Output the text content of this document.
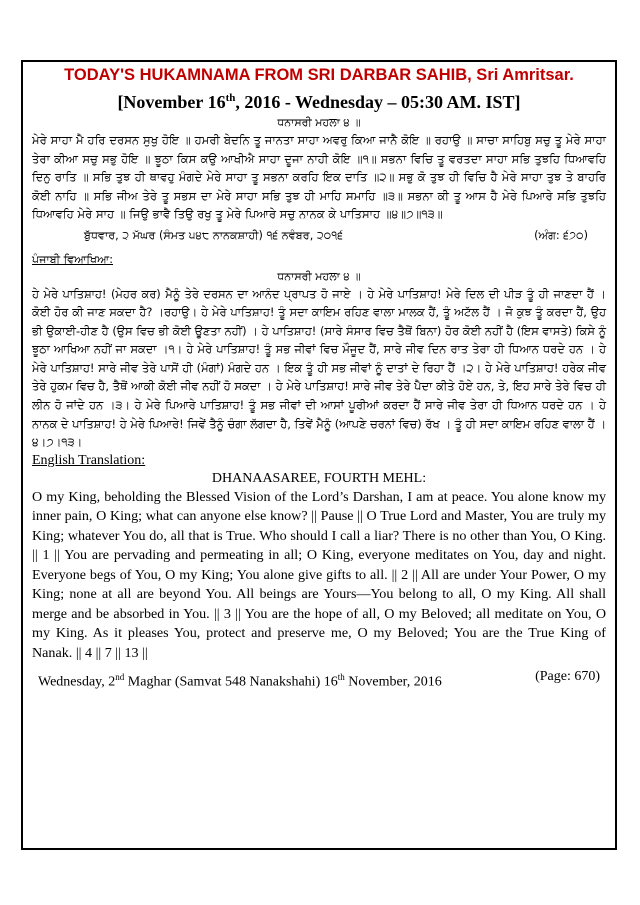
TODAY'S HUKAMNAMA FROM SRI DARBAR SAHIB, Sri Amritsar.

[November 16th, 2016 - Wednesday – 05:30 AM. IST]

ਧਨਾਸਰੀ ਮਹਲਾ ੪ ॥

ਮੇਰੇ ਸਾਹਾ ਮੈ ਹਰਿ ਦਰਸਨ ਸੁਖੁ ਹੋਇ ॥ ਹਮਰੀ ਬੇਦਨਿ ਤੂ ਜਾਨਤਾ ਸਾਹਾ ਅਵਰੁ ਕਿਆ ਜਾਨੈ ਕੋਇ ॥ ਰਹਾਉ ॥ ਸਾਚਾ ਸਾਹਿਬੁ ਸਚੁ ਤੂ ਮੇਰੇ ਸਾਹਾ ਤੇਰਾ ਕੀਆ ਸਚੁ ਸਭੁ ਹੋਇ ॥ ਝੂਠਾ ਕਿਸ ਕਉ ਆਖੀਐ ਸਾਹਾ ਦੂਜਾ ਨਾਹੀ ਕੋਇ ॥੧॥ ਸਭਨਾ ਵਿਚਿ ਤੂ ਵਰਤਦਾ ਸਾਹਾ ਸਭਿ ਤੁਝਹਿ ਧਿਆਵਹਿ ਦਿਨੁ ਰਾਤਿ ॥ ਸਭਿ ਤੁਝ ਹੀ ਥਾਵਹੁ ਮੰਗਦੇ ਮੇਰੇ ਸਾਹਾ ਤੂ ਸਭਨਾ ਕਰਹਿ ਇਕ ਦਾਤਿ ॥੨॥ ਸਭੁ ਕੋ ਤੁਝ ਹੀ ਵਿਚਿ ਹੈ ਮੇਰੇ ਸਾਹਾ ਤੁਝ ਤੇ ਬਾਹਰਿ ਕੋਈ ਨਾਹਿ ॥ ਸਭਿ ਜੀਅ ਤੇਰੇ ਤੂ ਸਭਸ ਦਾ ਮੇਰੇ ਸਾਹਾ ਸਭਿ ਤੁਝ ਹੀ ਮਾਹਿ ਸਮਾਹਿ ॥੩॥ ਸਭਨਾ ਕੀ ਤੂ ਆਸ ਹੈ ਮੇਰੇ ਪਿਆਰੇ ਸਭਿ ਤੁਝਹਿ ਧਿਆਵਹਿ ਮੇਰੇ ਸਾਹ ॥ ਜਿਉ ਭਾਵੈ ਤਿਉ ਰਖੁ ਤੂ ਮੇਰੇ ਪਿਆਰੇ ਸਚੁ ਨਾਨਕ ਕੇ ਪਾਤਿਸਾਹ ॥੪॥੭॥੧੩॥

ਬੁੱਧਵਾਰ, ੨ ਮੱਘਰ (ਸੰਮਤ ੫੪੮ ਨਾਨਕਸ਼ਾਹੀ) ੧੬ ਨਵੰਬਰ, ੨੦੧੬	(ਅੰਗ: ੬੭੦)

ਪੰਜਾਬੀ ਵਿਆਖਿਆ:

ਧਨਾਸਰੀ ਮਹਲਾ ੪ ॥

ਹੇ ਮੇਰੇ ਪਾਤਿਸ਼ਾਹ! (ਮੇਹਰ ਕਰ) ਮੈਨੂੰ ਤੇਰੇ ਦਰਸਨ ਦਾ ਆਨੰਦ ਪ੍ਰਾਪਤ ਹੋ ਜਾਏ । ਹੇ ਮੇਰੇ ਪਾਤਿਸ਼ਾਹ! ਮੇਰੇ ਦਿਲ ਦੀ ਪੀੜ ਤੂੰ ਹੀ ਜਾਣਦਾ ਹੈਂ । ਕੋਈ ਹੋਰ ਕੀ ਜਾਣ ਸਕਦਾ ਹੈ? ।ਰਹਾਉ। ਹੇ ਮੇਰੇ ਪਾਤਿਸ਼ਾਹ! ਤੂੰ ਸਦਾ ਕਾਇਮ ਰਹਿਣ ਵਾਲਾ ਮਾਲਕ ਹੈਂ, ਤੂੰ ਅਟੱਲ ਹੈਂ । ਜੋ ਕੁਝ ਤੂੰ ਕਰਦਾ ਹੈਂ, ਉਹ ਭੀ ਉਕਾਈ-ਹੀਣ ਹੈ (ਉਸ ਵਿਚ ਭੀ ਕੋਈ ਊਣਤਾ ਨਹੀਂ) । ਹੇ ਪਾਤਿਸ਼ਾਹ! (ਸਾਰੇ ਸੰਸਾਰ ਵਿਚ ਤੈਥੋਂ ਬਿਨਾ) ਹੋਰ ਕੋਈ ਨਹੀਂ ਹੈ (ਇਸ ਵਾਸਤੇ) ਕਿਸੇ ਨੂੰ ਝੂਠਾ ਆਖਿਆ ਨਹੀਂ ਜਾ ਸਕਦਾ ।੧। ਹੇ ਮੇਰੇ ਪਾਤਿਸ਼ਾਹ! ਤੂੰ ਸਭ ਜੀਵਾਂ ਵਿਚ ਮੌਜੂਦ ਹੈਂ, ਸਾਰੇ ਜੀਵ ਦਿਨ ਰਾਤ ਤੇਰਾ ਹੀ ਧਿਆਨ ਧਰਦੇ ਹਨ । ਹੇ ਮੇਰੇ ਪਾਤਿਸ਼ਾਹ! ਸਾਰੇ ਜੀਵ ਤੇਰੇ ਪਾਸੋਂ ਹੀ (ਮੰਗਾਂ) ਮੰਗਦੇ ਹਨ । ਇਕ ਤੂੰ ਹੀ ਸਭ ਜੀਵਾਂ ਨੂੰ ਦਾਤਾਂ ਦੇ ਰਿਹਾ ਹੈਂ ।੨। ਹੇ ਮੇਰੇ ਪਾਤਿਸ਼ਾਹ! ਹਰੇਕ ਜੀਵ ਤੇਰੇ ਹੁਕਮ ਵਿਚ ਹੈ, ਤੈਥੋਂ ਆਕੀ ਕੋਈ ਜੀਵ ਨਹੀਂ ਹੋ ਸਕਦਾ । ਹੇ ਮੇਰੇ ਪਾਤਿਸ਼ਾਹ! ਸਾਰੇ ਜੀਵ ਤੇਰੇ ਪੈਦਾ ਕੀਤੇ ਹੋਏ ਹਨ, ਤੇ, ਇਹ ਸਾਰੇ ਤੇਰੇ ਵਿਚ ਹੀ ਲੀਨ ਹੋ ਜਾਂਦੇ ਹਨ ।੩। ਹੇ ਮੇਰੇ ਪਿਆਰੇ ਪਾਤਿਸ਼ਾਹ! ਤੂੰ ਸਭ ਜੀਵਾਂ ਦੀ ਆਸਾਂ ਪੂਰੀਆਂ ਕਰਦਾ ਹੈਂ ਸਾਰੇ ਜੀਵ ਤੇਰਾ ਹੀ ਧਿਆਨ ਧਰਦੇ ਹਨ । ਹੇ ਨਾਨਕ ਦੇ ਪਾਤਿਸ਼ਾਹ! ਹੇ ਮੇਰੇ ਪਿਆਰੇ! ਜਿਵੇਂ ਤੈਨੂੰ ਚੰਗਾ ਲੱਗਦਾ ਹੈ, ਤਿਵੇਂ ਮੈਨੂੰ (ਆਪਣੇ ਚਰਨਾਂ ਵਿਚ) ਰੱਖ । ਤੂੰ ਹੀ ਸਦਾ ਕਾਇਮ ਰਹਿਣ ਵਾਲਾ ਹੈਂ ।੪।੭।੧੩।

English Translation:

DHANAASAREE, FOURTH MEHL:

O my King, beholding the Blessed Vision of the Lord’s Darshan, I am at peace. You alone know my inner pain, O King; what can anyone else know? || Pause || O True Lord and Master, You are truly my King; whatever You do, all that is True. Who should I call a liar? There is no other than You, O King. || 1 || You are pervading and permeating in all; O King, everyone meditates on You, day and night. Everyone begs of You, O my King; You alone give gifts to all. || 2 || All are under Your Power, O my King; none at all are beyond You. All beings are Yours—You belong to all, O my King. All shall merge and be absorbed in You. || 3 || You are the hope of all, O my Beloved; all meditate on You, O my King. As it pleases You, protect and preserve me, O my Beloved; You are the True King of Nanak. || 4 || 7 || 13 ||

Wednesday, 2nd Maghar (Samvat 548 Nanakshahi) 16th November, 2016	(Page: 670)
